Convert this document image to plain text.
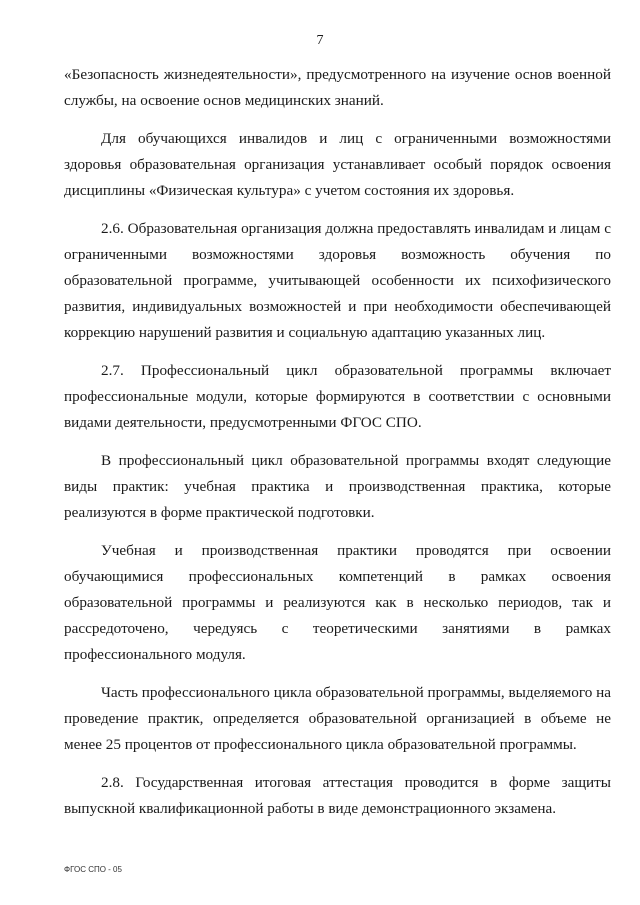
7

«Безопасность жизнедеятельности», предусмотренного на изучение основ военной службы, на освоение основ медицинских знаний.

Для обучающихся инвалидов и лиц с ограниченными возможностями здоровья образовательная организация устанавливает особый порядок освоения дисциплины «Физическая культура» с учетом состояния их здоровья.

2.6. Образовательная организация должна предоставлять инвалидам и лицам с ограниченными возможностями здоровья возможность обучения по образовательной программе, учитывающей особенности их психофизического развития, индивидуальных возможностей и при необходимости обеспечивающей коррекцию нарушений развития и социальную адаптацию указанных лиц.

2.7. Профессиональный цикл образовательной программы включает профессиональные модули, которые формируются в соответствии с основными видами деятельности, предусмотренными ФГОС СПО.

В профессиональный цикл образовательной программы входят следующие виды практик: учебная практика и производственная практика, которые реализуются в форме практической подготовки.

Учебная и производственная практики проводятся при освоении обучающимися профессиональных компетенций в рамках освоения образовательной программы и реализуются как в несколько периодов, так и рассредоточено, чередуясь с теоретическими занятиями в рамках профессионального модуля.

Часть профессионального цикла образовательной программы, выделяемого на проведение практик, определяется образовательной организацией в объеме не менее 25 процентов от профессионального цикла образовательной программы.

2.8. Государственная итоговая аттестация проводится в форме защиты выпускной квалификационной работы в виде демонстрационного экзамена.

ФГОС СПО - 05
